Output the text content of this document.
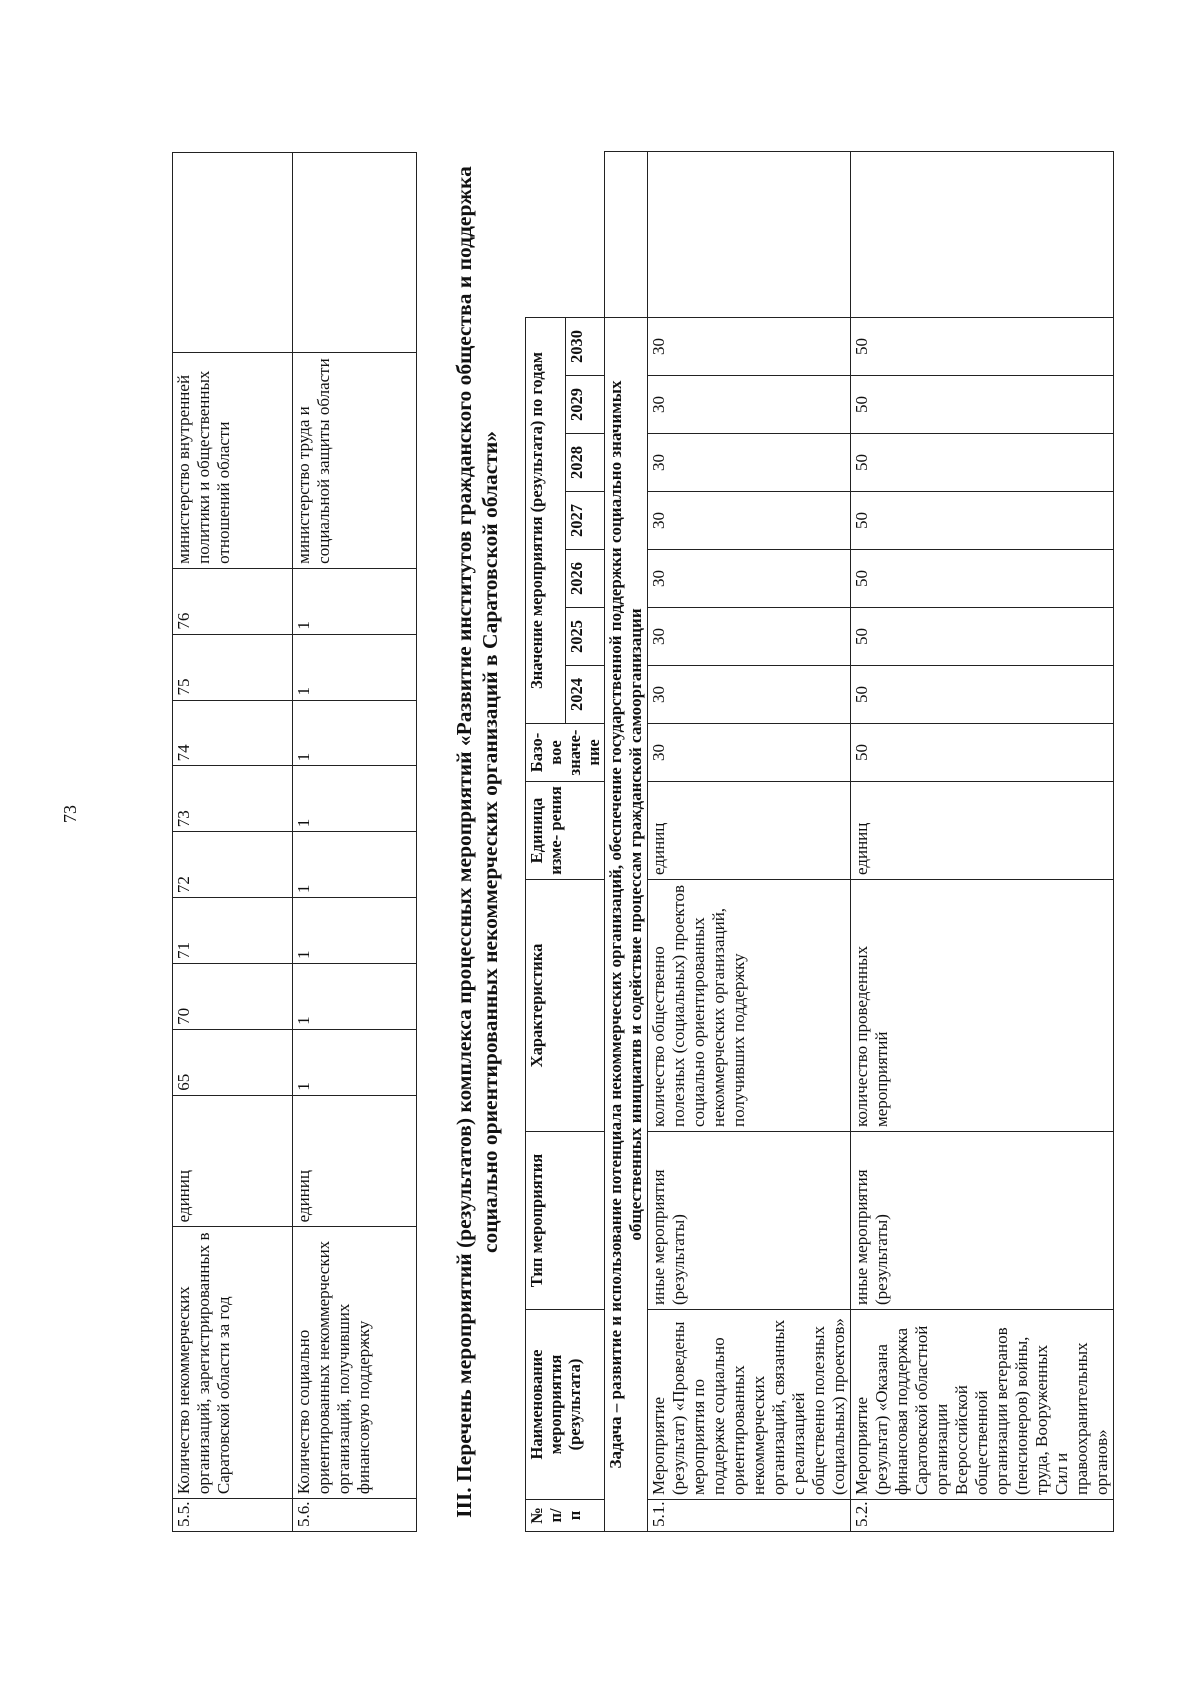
73
5.5.	Количество некоммерческих организаций, зарегистрированных в Саратовской области за год	единиц	65	70	71	72	73	74	75	76	министерство внутренней политики и общественных отношений области	
5.6.	Количество социально ориентированных некоммерческих организаций, получивших финансовую поддержку	единиц	1	1	1	1	1	1	1	1	министерство труда и социальной защиты области		III. Перечень мероприятий (результатов) комплекса процессных мероприятий «Развитие институтов гражданского общества и поддержка социально ориентированных некоммерческих организаций в Саратовской области»
№ п/п	Наименование мероприятия (результата)	Тип мероприятия	Характеристика	Единица изме- рения	Базо- вое значе- ние	Значение мероприятия (результата) по годам							
						2024	2025	2026	2027	2028	2029	2030	
Задача – развитие и использование потенциала некоммерческих организаций, обеспечение государственной поддержки социально значимых общественных инициатив и содействие процессам гражданской самоорганизации													
5.1.	Мероприятие (результат) «Проведены мероприятия по поддержке социально ориентированных некоммерческих организаций, связанных с реализацией общественно полезных (социальных) проектов»	иные мероприятия (результаты)	количество общественно полезных (социальных) проектов социально ориентированных некоммерческих организаций, получивших поддержку	единиц	30	30	30	30	30	30	30	30	
5.2.	Мероприятие (результат) «Оказана финансовая поддержка Саратовской областной организации Всероссийской общественной организации ветеранов (пенсионеров) войны, труда, Вооруженных Сил и правоохранительных органов»	иные мероприятия (результаты)	количество проведенных мероприятий	единиц	50	50	50	50	50	50	50	50	
